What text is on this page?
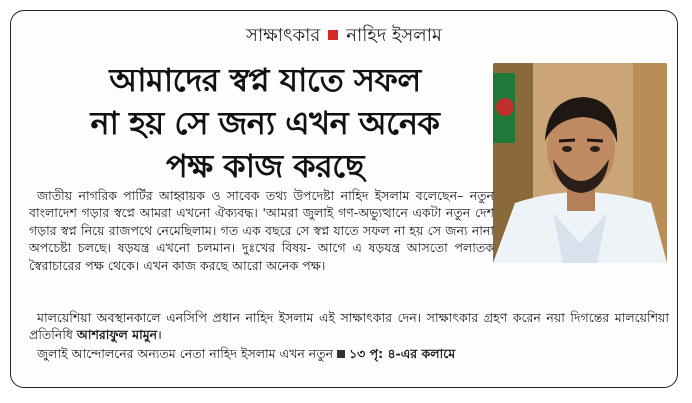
সাক্ষাৎকার নাহিদ ইসলাম
আমাদের স্বপ্ন যাতে সফল
না হয় সে জন্য এখন অনেক
পক্ষ কাজ করছে

জাতীয় নাগরিক পার্টির আহ্বায়ক ও সাবেক তথ্য উপদেষ্টা নাহিদ ইসলাম বলেছেন– নতুন বাংলাদেশ গড়ার স্বপ্নে আমরা এখনো ঐক্যবদ্ধ। 'আমরা জুলাই গণ-অভ্যুত্থানে একটা নতুন দেশ গড়ার স্বপ্ন নিয়ে রাজপথে নেমেছিলাম। গত এক বছরে সে স্বপ্ন যাতে সফল না হয় সে জন্য নানা অপচেষ্টা চলছে। ষড়যন্ত্র এখনো চলমান। দুঃখের বিষয়- আগে এ ষড়যন্ত্র আসতো পলাতক স্বৈরাচারের পক্ষ থেকে। এখন কাজ করছে আরো অনেক পক্ষ।

মালয়েশিয়া অবস্থানকালে এনসিপি প্রধান নাহিদ ইসলাম এই সাক্ষাৎকার দেন। সাক্ষাৎকার গ্রহণ করেন নয়া দিগন্তের মালয়েশিয়া প্রতিনিধি আশরাফুল মামুন।

জুলাই আন্দোলনের অন্যতম নেতা নাহিদ ইসলাম এখন নতুন ১৩ পৃ: ৪-এর কলামে
